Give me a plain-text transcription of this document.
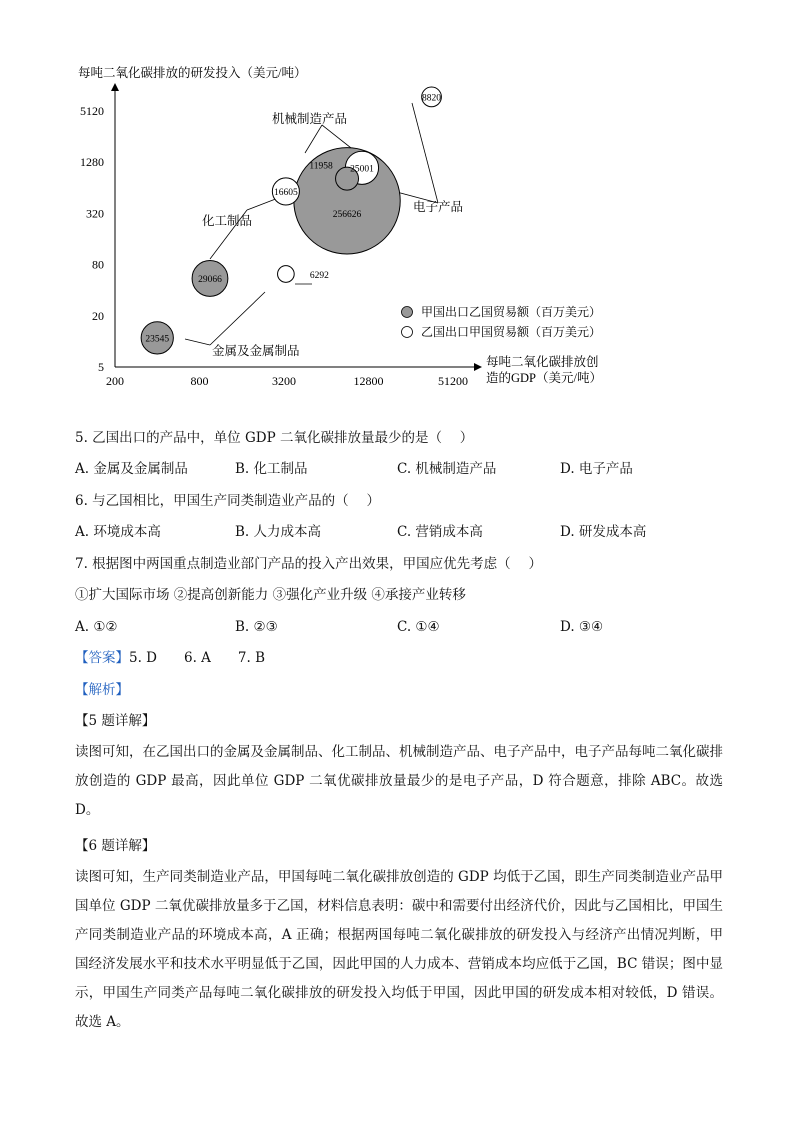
每吨二氧化碳排放的研发投入（美元/吨）
每吨二氧化碳排放创
造的GDP（美元/吨）
5
20
80
320
1280
5120
200	800	3200	12800	51200
机械制造产品
化工制品
电子产品
金属及金属制品
256626
29066
25001
23545
16605
11958
8820
6292
甲国出口乙国贸易额（百万美元）
乙国出口甲国贸易额（百万美元）
5. 乙国出口的产品中，单位 GDP 二氧化碳排放量最少的是（　 ）
A. 金属及金属制品	B. 化工制品	C. 机械制造产品	D. 电子产品
6. 与乙国相比，甲国生产同类制造业产品的（　 ）
A. 环境成本高	B. 人力成本高	C. 营销成本高	D. 研发成本高
7. 根据图中两国重点制造业部门产品的投入产出效果，甲国应优先考虑（　 ）
①扩大国际市场 ②提高创新能力 ③强化产业升级 ④承接产业转移
A. ①②	B. ②③	C. ①④	D. ③④
【答案】5. D　　6. A　　7. B
【解析】
【5 题详解】
读图可知，在乙国出口的金属及金属制品、化工制品、机械制造产品、电子产品中，电子产品每吨二氧化碳排放创造的 GDP 最高，因此单位 GDP 二氧优碳排放量最少的是电子产品，D 符合题意，排除 ABC。故选 D。
【6 题详解】
读图可知，生产同类制造业产品，甲国每吨二氧化碳排放创造的 GDP 均低于乙国，即生产同类制造业产品甲国单位 GDP 二氧优碳排放量多于乙国，材料信息表明：碳中和需要付出经济代价，因此与乙国相比，甲国生产同类制造业产品的环境成本高，A 正确；根据两国每吨二氧化碳排放的研发投入与经济产出情况判断，甲国经济发展水平和技术水平明显低于乙国，因此甲国的人力成本、营销成本均应低于乙国，BC 错误；图中显示，甲国生产同类产品每吨二氧化碳排放的研发投入均低于甲国，因此甲国的研发成本相对较低，D 错误。故选 A。
